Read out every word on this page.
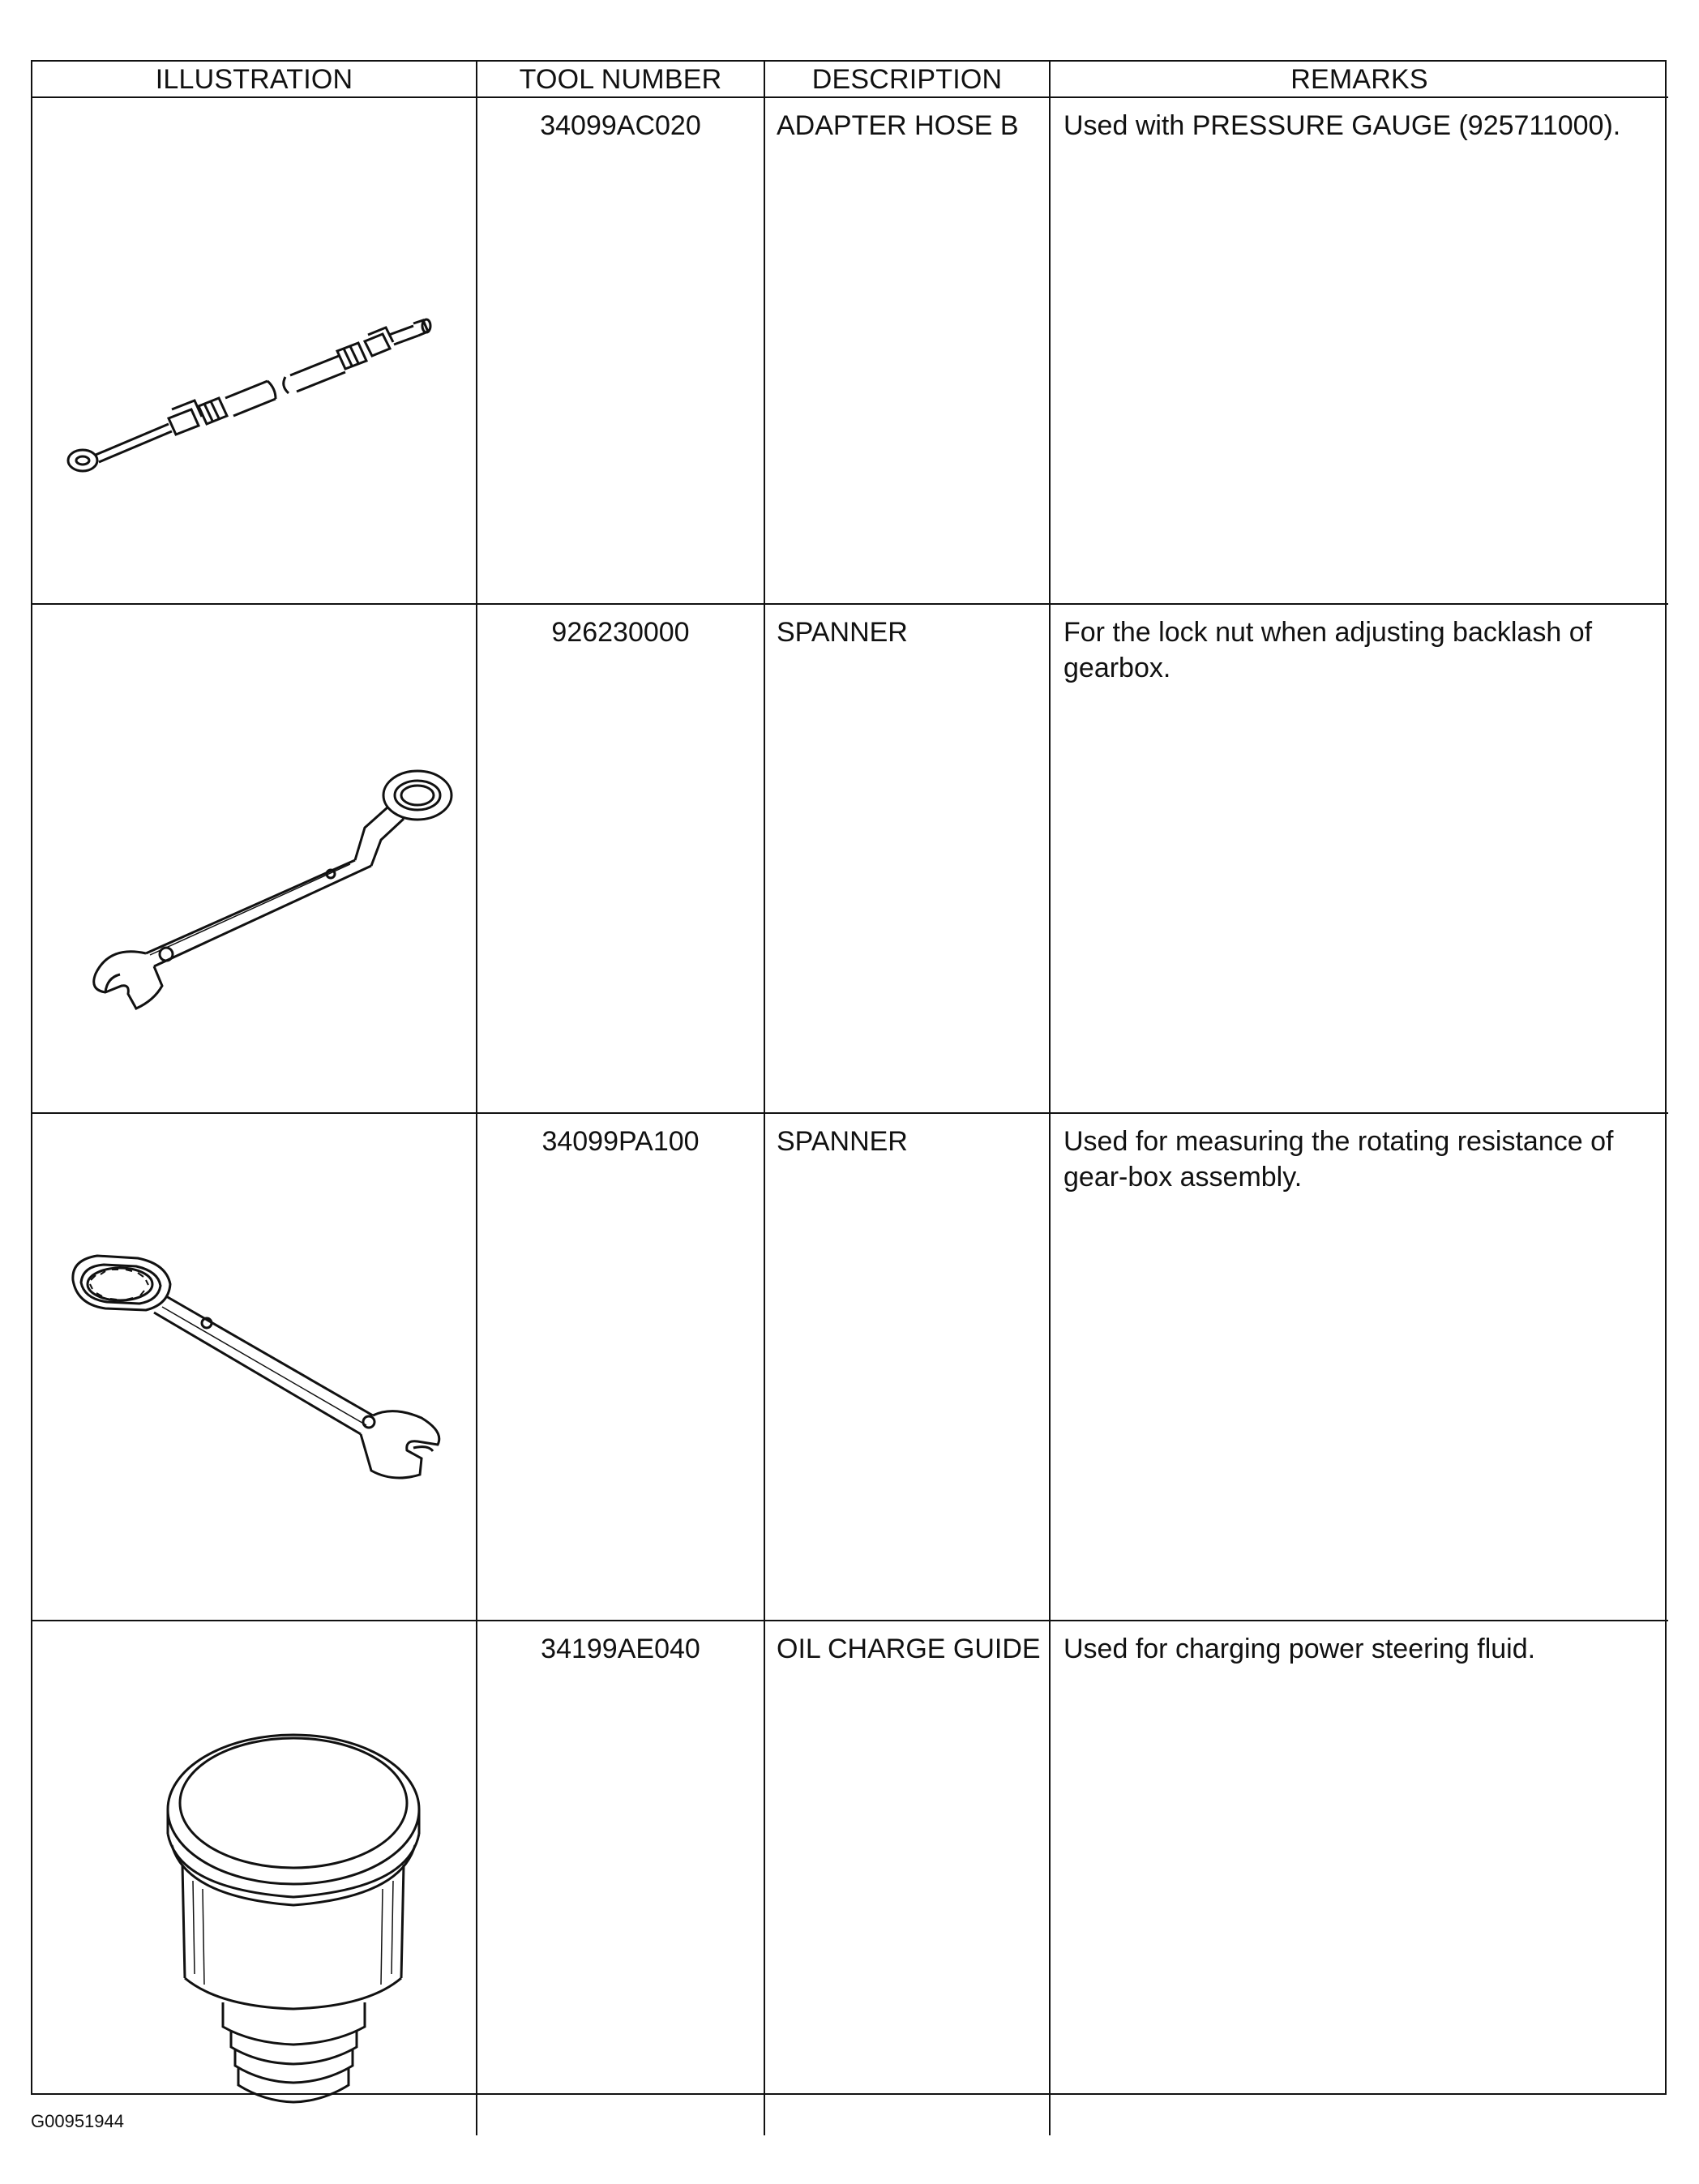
ILLUSTRATION	TOOL NUMBER	DESCRIPTION	REMARKS

	34099AC020	ADAPTER HOSE B	Used with PRESSURE GAUGE (925711000).

	926230000	SPANNER	For the lock nut when adjusting backlash of gearbox.

	34099PA100	SPANNER	Used for measuring the rotating resistance of gear-box assembly.

	34199AE040	OIL CHARGE GUIDE	Used for charging power steering fluid.
G00951944
